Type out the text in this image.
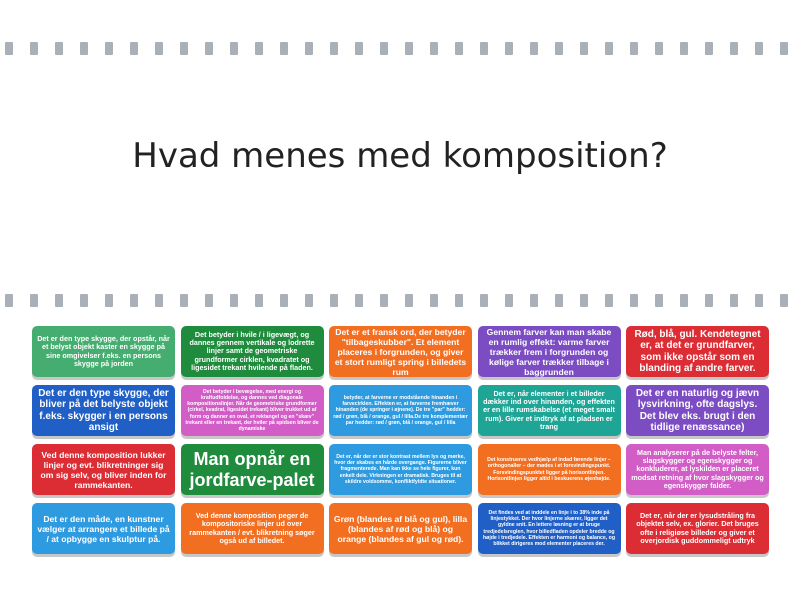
Hvad menes med komposition?
Det er den type skygge, der opstår, når et belyst objekt kaster en skygge på sine omgivelser f.eks. en persons skygge på jorden
Det betyder i hvile / i ligevægt, og dannes gennem vertikale og lodrette linjer samt de geometriske grundformer cirklen, kvadratet og ligesidet trekant hvilende på fladen.
Det er et fransk ord, der betyder "tilbageskubber". Et element placeres i forgrunden, og giver et stort rumligt spring i billedets rum
Gennem farver kan man skabe en rumlig effekt: varme farver trækker frem i forgrunden og kølige farver trækker tilbage i baggrunden
Rød, blå, gul. Kendetegnet er, at det er grundfarver, som ikke opstår som en blanding af andre farver.
Det er den type skygge, der bliver på det belyste objekt f.eks. skygger i en persons ansigt
Det betyder i bevægelse, med energi og kraftudfoldelse, og dannes ved diagonale kompositionslinjer. Når de geometriske grundformer (cirkel, kvadrat, ligesidet trekant) bliver trukket ud af form og danner en oval, et rektangel og en "skæv" trekant eller en trekant, der hviler på spidsen bliver de dynamiske
betyder, at farverne er modstående hinanden i farvecirklen. Effekten er, at farverne fremhæver hinanden (de springer i øjnene). De tre "par" hedder: rød / grøn, blå / orange, gul / lilla.De tre komplementær par hedder: rød / grøn, blå / orange, gul / lilla
Det er, når elementer i et billeder dækker ind over hinanden, og effekten er en lille rumskabelse (et meget smalt rum). Giver et indtryk af at pladsen er trang
Det er en naturlig og jævn lysvirkning, ofte dagslys. Det blev eks. brugt i den tidlige renæssance)
Ved denne komposition lukker linjer og evt. blikretninger sig om sig selv, og bliver inden for rammekanten.
Man opnår en jordfarve-palet
Det er, når der er stor kontrast mellem lys og mørke, hvor der skabes en hårde overgange. Figurerne bliver fragmenterede. Man kan ikke se hele figurer, kun enkelt dele. Virkningen er dramatisk. Bruges til at skildre voldsomme, konfliktfyldte situationer.
Det konstrueres vedhjælp af indad førende linjer – orthogonaller – der mødes i et forsvindingspunkt. Forsvindingspunktet ligger på horisontlinjen. Horisontlinjen ligger altid i beskuerens øjenhøjde.
Man analyserer på de belyste felter, slagskygger og egenskygger og konkluderer, at lyskilden er placeret modsat retning af hvor slagskygger og egenskygger falder.
Det er den måde, en kunstner vælger at arrangere et billede på / at opbygge en skulptur på.
Ved denne komposition peger de kompositoriske linjer ud over rammekanten / evt. blikretning søger også ud af billedet.
Grøn (blandes af blå og gul), lilla (blandes af rød og blå) og orange (blandes af gul og rød).
Det findes ved at inddele en linje i to 38% inde på linjestykket. Der hvor linjerne skærer, ligger det gyldne snit. En lettere løsning er at bruge tredjedelsreglen, hvor billedfladen opdeler bredde og højde i tredjedele. Effekten er harmoni og balance, og blikket dirigeres mod elementer placeres der.
Det er, når der er lysudstråling fra objektet selv, ex. glorier. Det bruges ofte i religiøse billeder og giver et overjordisk guddommeligt udtryk
